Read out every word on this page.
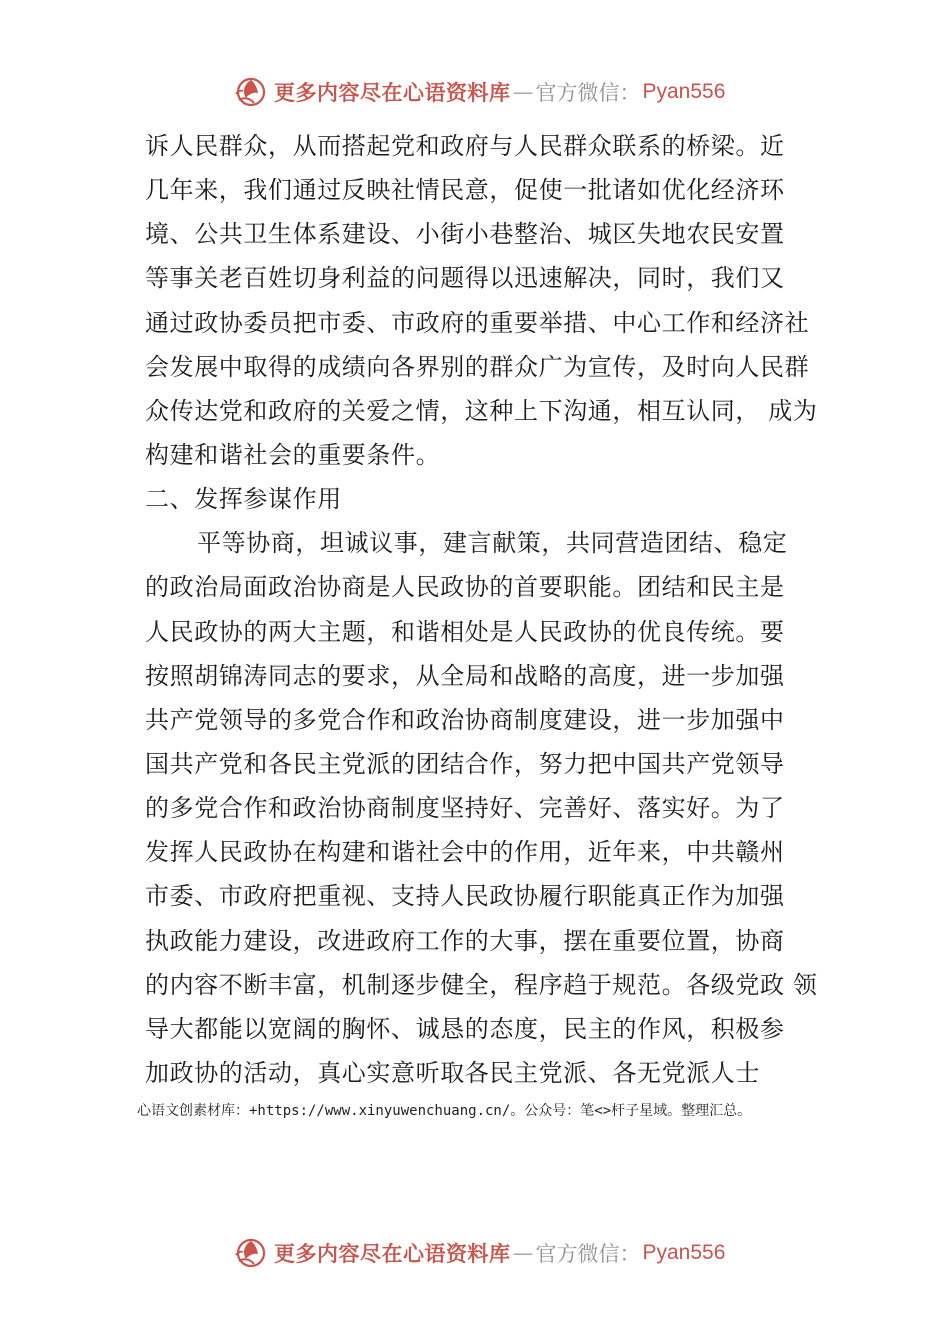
更多内容尽在心语资料库 — 官方微信： Pyan556
诉人民群众，从而搭起党和政府与人民群众联系的桥梁。近
几年来，我们通过反映社情民意，促使一批诸如优化经济环
境、公共卫生体系建设、小街小巷整治、城区失地农民安置
等事关老百姓切身利益的问题得以迅速解决，同时，我们又
通过政协委员把市委、市政府的重要举措、中心工作和经济社
会发展中取得的成绩向各界别的群众广为宣传，及时向人民群
众传达党和政府的关爱之情，这种上下沟通，相互认同， 成为
构建和谐社会的重要条件。
二、发挥参谋作用
平等协商，坦诚议事，建言献策，共同营造团结、稳定
的政治局面政治协商是人民政协的首要职能。团结和民主是
人民政协的两大主题，和谐相处是人民政协的优良传统。要
按照胡锦涛同志的要求，从全局和战略的高度，进一步加强
共产党领导的多党合作和政治协商制度建设，进一步加强中
国共产党和各民主党派的团结合作，努力把中国共产党领导
的多党合作和政治协商制度坚持好、完善好、落实好。为了
发挥人民政协在构建和谐社会中的作用，近年来，中共赣州
市委、市政府把重视、支持人民政协履行职能真正作为加强
执政能力建设，改进政府工作的大事，摆在重要位置，协商
的内容不断丰富，机制逐步健全，程序趋于规范。各级党政 领
导大都能以宽阔的胸怀、诚恳的态度，民主的作风，积极参
加政协的活动，真心实意听取各民主党派、各无党派人士
心语文创素材库：+https://www.xinyuwenchuang.cn/。公众号：笔<>杆子星域。整理汇总。
更多内容尽在心语资料库 — 官方微信： Pyan556
